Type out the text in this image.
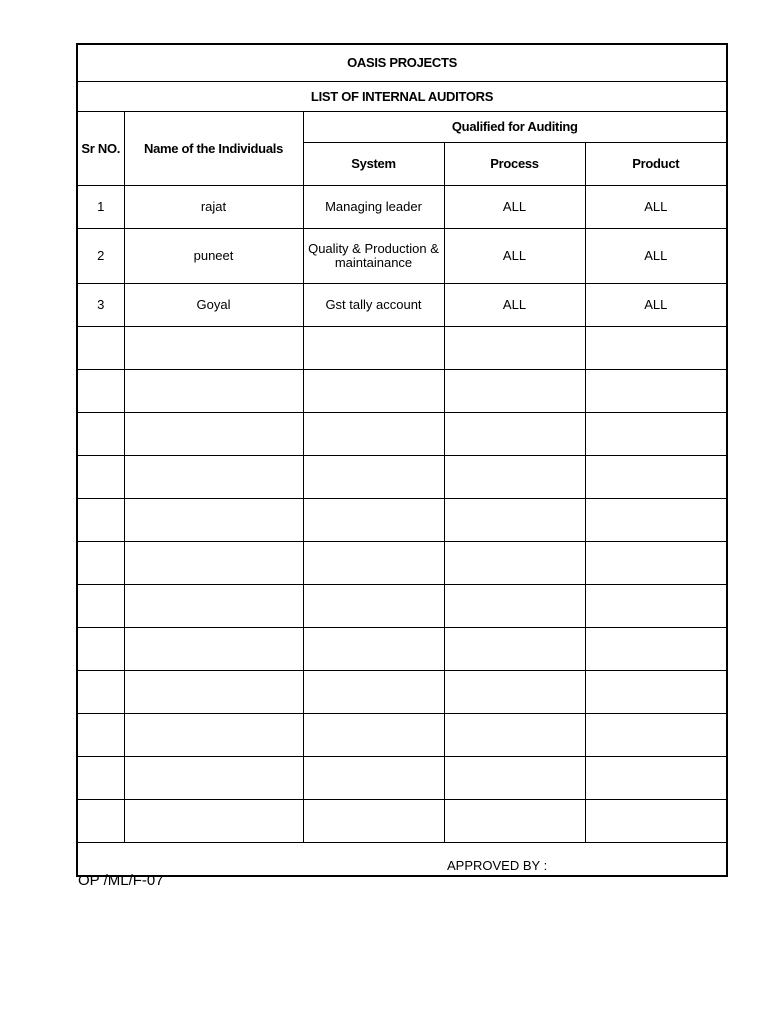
OASIS PROJECTS				
LIST OF INTERNAL AUDITORS				
Sr NO.	Name of the Individuals	Qualified for Auditing		
		System	Process	Product
1	rajat	Managing leader	ALL	ALL
2	puneet	Quality & Production & maintainance	ALL	ALL
3	Goyal	Gst tally account	ALL	ALL

APPROVED BY :				
OP /ML/F-07
